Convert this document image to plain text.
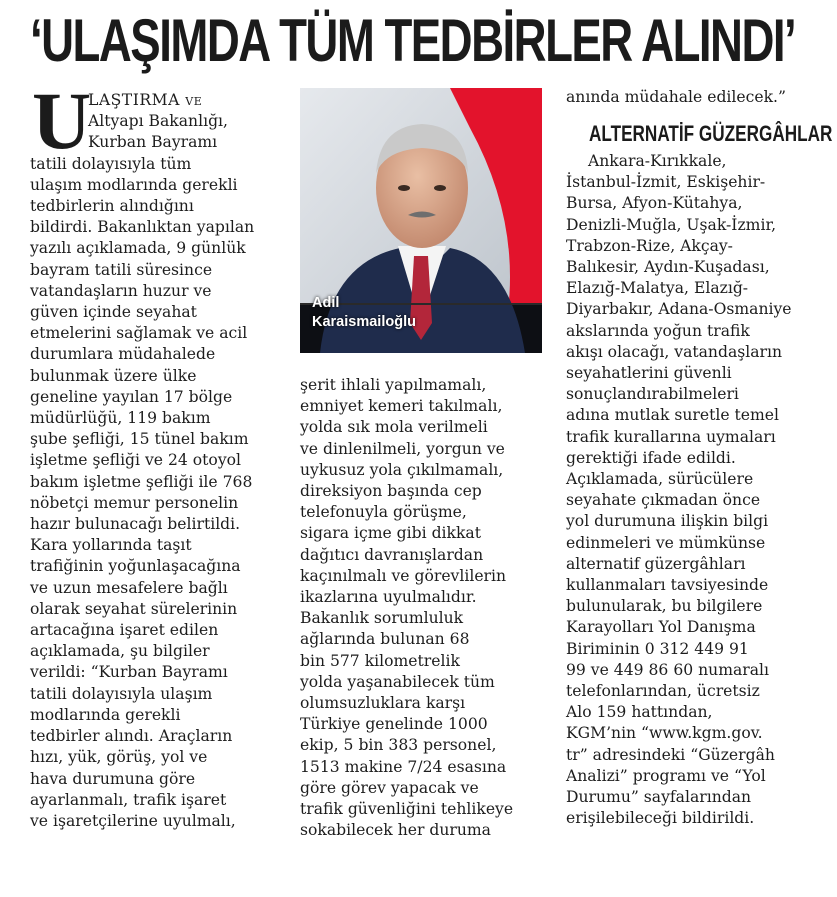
‘ULAŞIMDA TÜM TEDBİRLER ALINDI’
U
LAŞTIRMA ve
Altyapı Bakanlığı,
Kurban Bayramı
tatili dolayısıyla tüm
ulaşım modlarında gerekli
tedbirlerin alındığını
bildirdi. Bakanlıktan yapılan
yazılı açıklamada, 9 günlük
bayram tatili süresince
vatandaşların huzur ve
güven içinde seyahat
etmelerini sağlamak ve acil
durumlara müdahalede
bulunmak üzere ülke
geneline yayılan 17 bölge
müdürlüğü, 119 bakım
şube şefliği, 15 tünel bakım
işletme şefliği ve 24 otoyol
bakım işletme şefliği ile 768
nöbetçi memur personelin
hazır bulunacağı belirtildi.
Kara yollarında taşıt
trafiğinin yoğunlaşacağına
ve uzun mesafelere bağlı
olarak seyahat sürelerinin
artacağına işaret edilen
açıklamada, şu bilgiler
verildi: “Kurban Bayramı
tatili dolayısıyla ulaşım
modlarında gerekli
tedbirler alındı. Araçların
hızı, yük, görüş, yol ve
hava durumuna göre
ayarlanmalı, trafik işaret
ve işaretçilerine uyulmalı,
Adil
Karaismailoğlu
şerit ihlali yapılmamalı,
emniyet kemeri takılmalı,
yolda sık mola verilmeli
ve dinlenilmeli, yorgun ve
uykusuz yola çıkılmamalı,
direksiyon başında cep
telefonuyla görüşme,
sigara içme gibi dikkat
dağıtıcı davranışlardan
kaçınılmalı ve görevlilerin
ikazlarına uyulmalıdır.
Bakanlık sorumluluk
ağlarında bulunan 68
bin 577 kilometrelik
yolda yaşanabilecek tüm
olumsuzluklara karşı
Türkiye genelinde 1000
ekip, 5 bin 383 personel,
1513 makine 7/24 esasına
göre görev yapacak ve
trafik güvenliğini tehlikeye
sokabilecek her duruma
anında müdahale edilecek.”
ALTERNATİF GÜZERGÂHLAR
Ankara-Kırıkkale,
İstanbul-İzmit, Eskişehir-
Bursa, Afyon-Kütahya,
Denizli-Muğla, Uşak-İzmir,
Trabzon-Rize, Akçay-
Balıkesir, Aydın-Kuşadası,
Elazığ-Malatya, Elazığ-
Diyarbakır, Adana-Osmaniye
akslarında yoğun trafik
akışı olacağı, vatandaşların
seyahatlerini güvenli
sonuçlandırabilmeleri
adına mutlak suretle temel
trafik kurallarına uymaları
gerektiği ifade edildi.
Açıklamada, sürücülere
seyahate çıkmadan önce
yol durumuna ilişkin bilgi
edinmeleri ve mümkünse
alternatif güzergâhları
kullanmaları tavsiyesinde
bulunularak, bu bilgilere
Karayolları Yol Danışma
Biriminin 0 312 449 91
99 ve 449 86 60 numaralı
telefonlarından, ücretsiz
Alo 159 hattından,
KGM’nin “www.kgm.gov.
tr” adresindeki “Güzergâh
Analizi” programı ve “Yol
Durumu” sayfalarından
erişilebileceği bildirildi.
